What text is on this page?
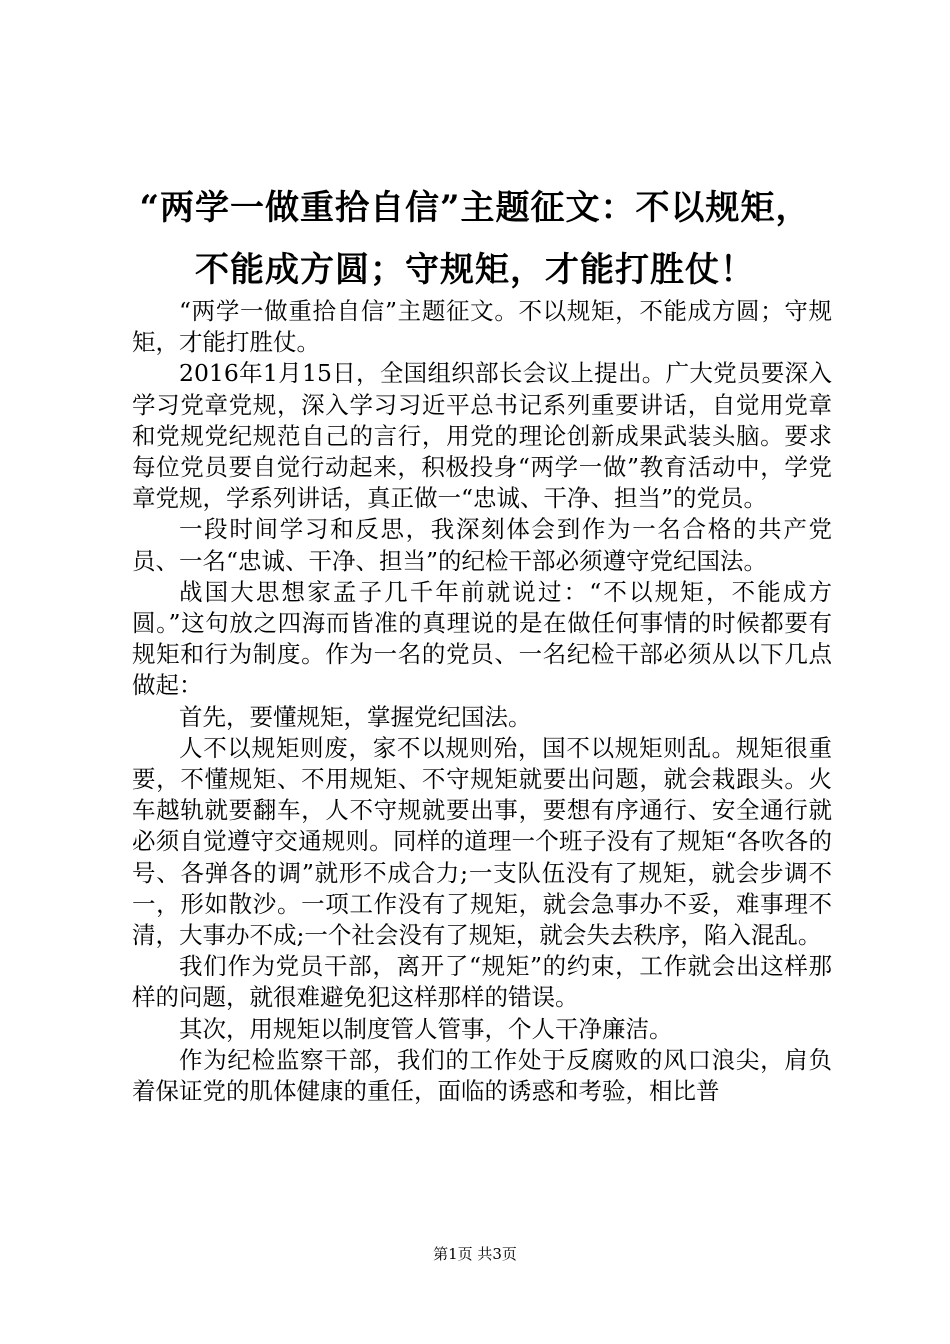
“两学一做重拾自信”主题征文：不以规矩，
不能成方圆；守规矩，才能打胜仗！

“两学一做重拾自信”主题征文。不以规矩，不能成方圆；守规矩，才能打胜仗。

2016年1月15日，全国组织部长会议上提出。广大党员要深入学习党章党规，深入学习习近平总书记系列重要讲话，自觉用党章和党规党纪规范自己的言行，用党的理论创新成果武装头脑。要求每位党员要自觉行动起来，积极投身“两学一做”教育活动中，学党章党规，学系列讲话，真正做一“忠诚、干净、担当”的党员。

一段时间学习和反思，我深刻体会到作为一名合格的共产党员、一名“忠诚、干净、担当”的纪检干部必须遵守党纪国法。

战国大思想家孟子几千年前就说过：“不以规矩，不能成方圆。”这句放之四海而皆准的真理说的是在做任何事情的时候都要有规矩和行为制度。作为一名的党员、一名纪检干部必须从以下几点做起：

首先，要懂规矩，掌握党纪国法。

人不以规矩则废，家不以规则殆，国不以规矩则乱。规矩很重要，不懂规矩、不用规矩、不守规矩就要出问题，就会栽跟头。火车越轨就要翻车，人不守规就要出事，要想有序通行、安全通行就必须自觉遵守交通规则。同样的道理一个班子没有了规矩“各吹各的号、各弹各的调”就形不成合力;一支队伍没有了规矩，就会步调不一，形如散沙。一项工作没有了规矩，就会急事办不妥，难事理不清，大事办不成;一个社会没有了规矩，就会失去秩序，陷入混乱。

我们作为党员干部，离开了“规矩”的约束，工作就会出这样那样的问题，就很难避免犯这样那样的错误。

其次，用规矩以制度管人管事，个人干净廉洁。

作为纪检监察干部，我们的工作处于反腐败的风口浪尖，肩负着保证党的肌体健康的重任，面临的诱惑和考验，相比普

第1页 共3页
